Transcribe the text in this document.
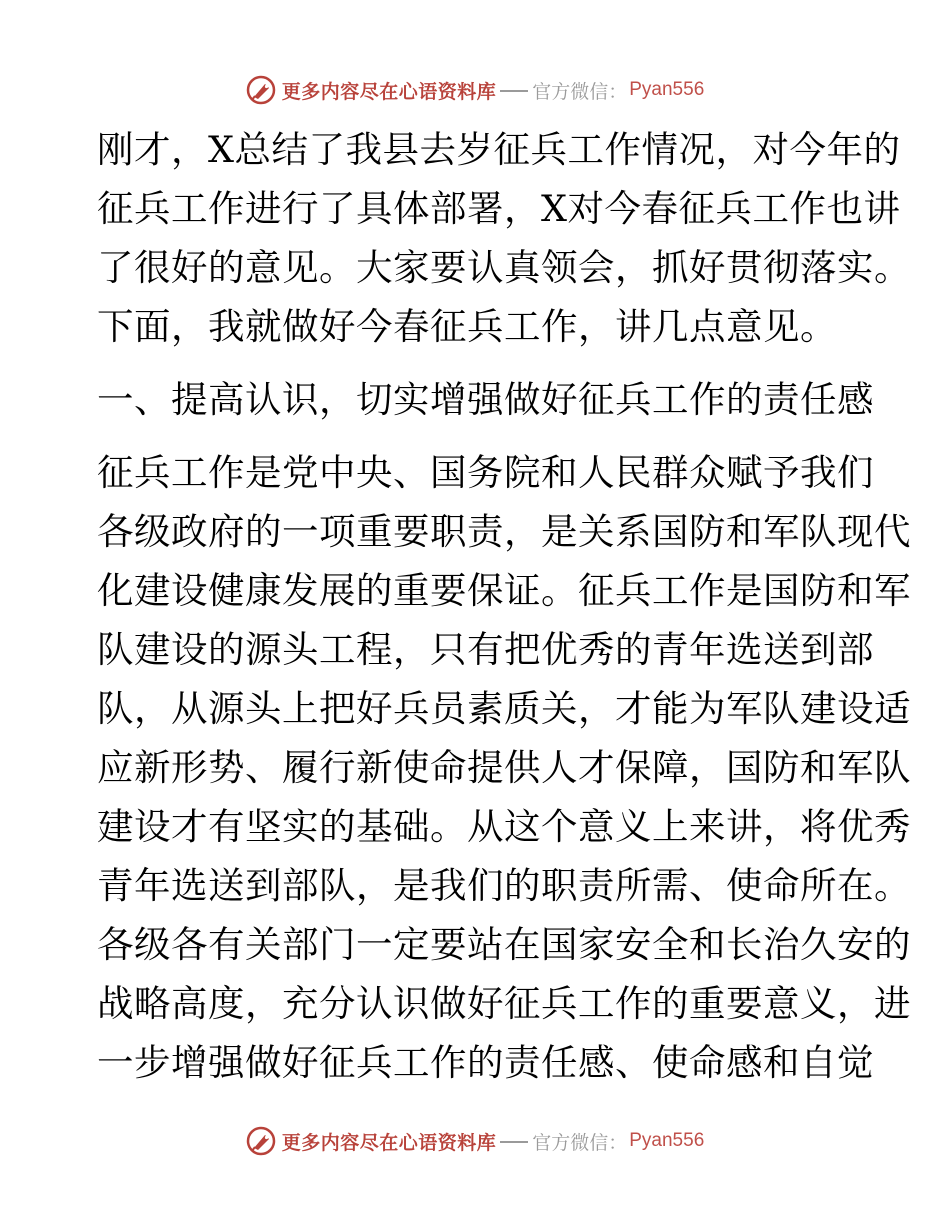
更多内容尽在心语资料库 官方微信： Pyan556
刚才，X总结了我县去岁征兵工作情况，对今年的
征兵工作进行了具体部署，X对今春征兵工作也讲
了很好的意见。大家要认真领会，抓好贯彻落实。
下面，我就做好今春征兵工作，讲几点意见。
一、提高认识，切实增强做好征兵工作的责任感
征兵工作是党中央、国务院和人民群众赋予我们
各级政府的一项重要职责，是关系国防和军队现代
化建设健康发展的重要保证。征兵工作是国防和军
队建设的源头工程，只有把优秀的青年选送到部
队，从源头上把好兵员素质关，才能为军队建设适
应新形势、履行新使命提供人才保障，国防和军队
建设才有坚实的基础。从这个意义上来讲，将优秀
青年选送到部队，是我们的职责所需、使命所在。
各级各有关部门一定要站在国家安全和长治久安的
战略高度，充分认识做好征兵工作的重要意义，进
一步增强做好征兵工作的责任感、使命感和自觉
更多内容尽在心语资料库 官方微信： Pyan556
